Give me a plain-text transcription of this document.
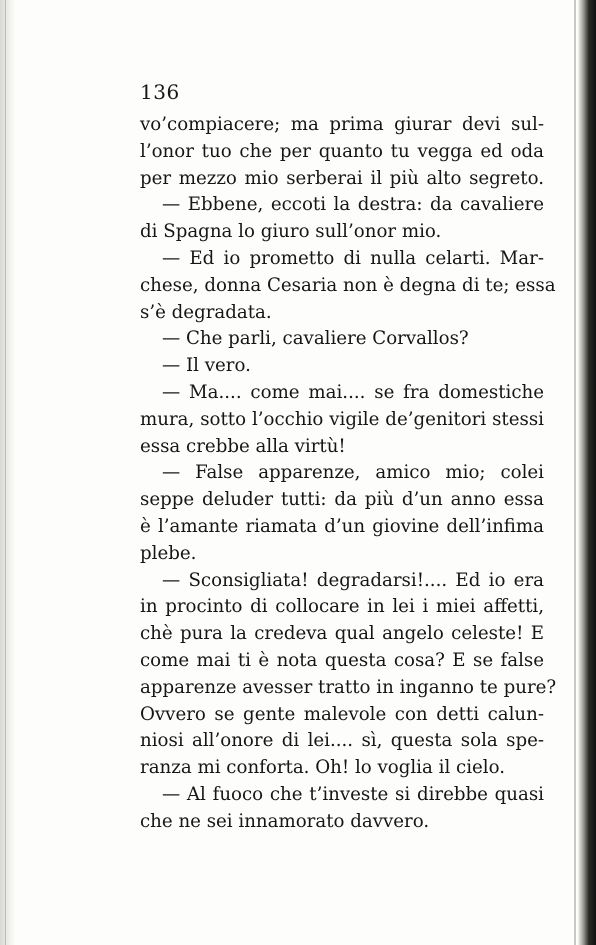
136
vo’compiacere; ma prima giurar devi sul-
l’onor tuo che per quanto tu vegga ed oda
per mezzo mio serberai il più alto segreto.
— Ebbene, eccoti la destra: da cavaliere
di Spagna lo giuro sull’onor mio.
— Ed io prometto di nulla celarti. Mar-
chese, donna Cesaria non è degna di te; essa
s’è degradata.
— Che parli, cavaliere Corvallos?
— Il vero.
— Ma.... come mai.... se fra domestiche
mura, sotto l’occhio vigile de’genitori stessi
essa crebbe alla virtù!
— False apparenze, amico mio; colei
seppe deluder tutti: da più d’un anno essa
è l’amante riamata d’un giovine dell’infima
plebe.
— Sconsigliata! degradarsi!.... Ed io era
in procinto di collocare in lei i miei affetti,
chè pura la credeva qual angelo celeste! E
come mai ti è nota questa cosa? E se false
apparenze avesser tratto in inganno te pure?
Ovvero se gente malevole con detti calun-
niosi all’onore di lei.... sì, questa sola spe-
ranza mi conforta. Oh! lo voglia il cielo.
— Al fuoco che t’investe si direbbe quasi
che ne sei innamorato davvero.
